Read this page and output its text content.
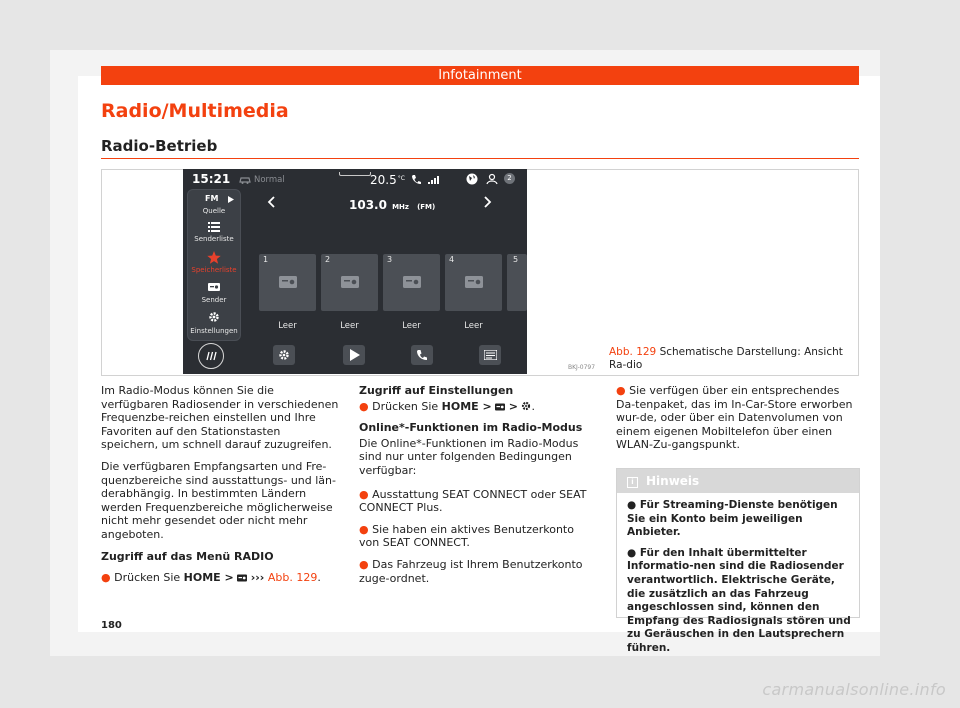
Infotainment
Radio/Multimedia
Radio-Betrieb
15:21	Normal	$20.5^{^\circ C}$	2
103.0 MHz (FM)
FM
Quelle
Senderliste
Speicherliste
Sender
Einstellungen
1	2	3	4	5
Leer	Leer	Leer	Leer
BKJ-0797
Abb. 129 Schematische Darstellung: Ansicht Ra-dio

Im Radio-Modus können Sie die verfügbaren Radiosender in verschiedenen Frequenzbe-reichen einstellen und Ihre Favoriten auf den Stationstasten speichern, um schnell darauf zuzugreifen.

Die verfügbaren Empfangsarten und Fre-quenzbereiche sind ausstattungs- und län-derabhängig. In bestimmten Ländern werden Frequenzbereiche möglicherweise nicht mehr gesendet oder nicht mehr angeboten.

Zugriff auf das Menü RADIO

● Drücken Sie HOME > ››› Abb. 129.

Zugriff auf Einstellungen

● Drücken Sie HOME > > .

Online*-Funktionen im Radio-Modus

Die Online*-Funktionen im Radio-Modus sind nur unter folgenden Bedingungen verfügbar:

● Ausstattung SEAT CONNECT oder SEAT CONNECT Plus.

● Sie haben ein aktives Benutzerkonto von SEAT CONNECT.

● Das Fahrzeug ist Ihrem Benutzerkonto zuge-ordnet.

● Sie verfügen über ein entsprechendes Da-tenpaket, das im In-Car-Store erworben wur-de, oder über ein Datenvolumen von einem eigenen Mobiltelefon über einen WLAN-Zu-gangspunkt.

i Hinweis

● Für Streaming-Dienste benötigen Sie ein Konto beim jeweiligen Anbieter.

● Für den Inhalt übermittelter Informatio-nen sind die Radiosender verantwortlich. Elektrische Geräte, die zusätzlich an das Fahrzeug angeschlossen sind, können den Empfang des Radiosignals stören und zu Geräuschen in den Lautsprechern führen.

180
carmanualsonline.info
